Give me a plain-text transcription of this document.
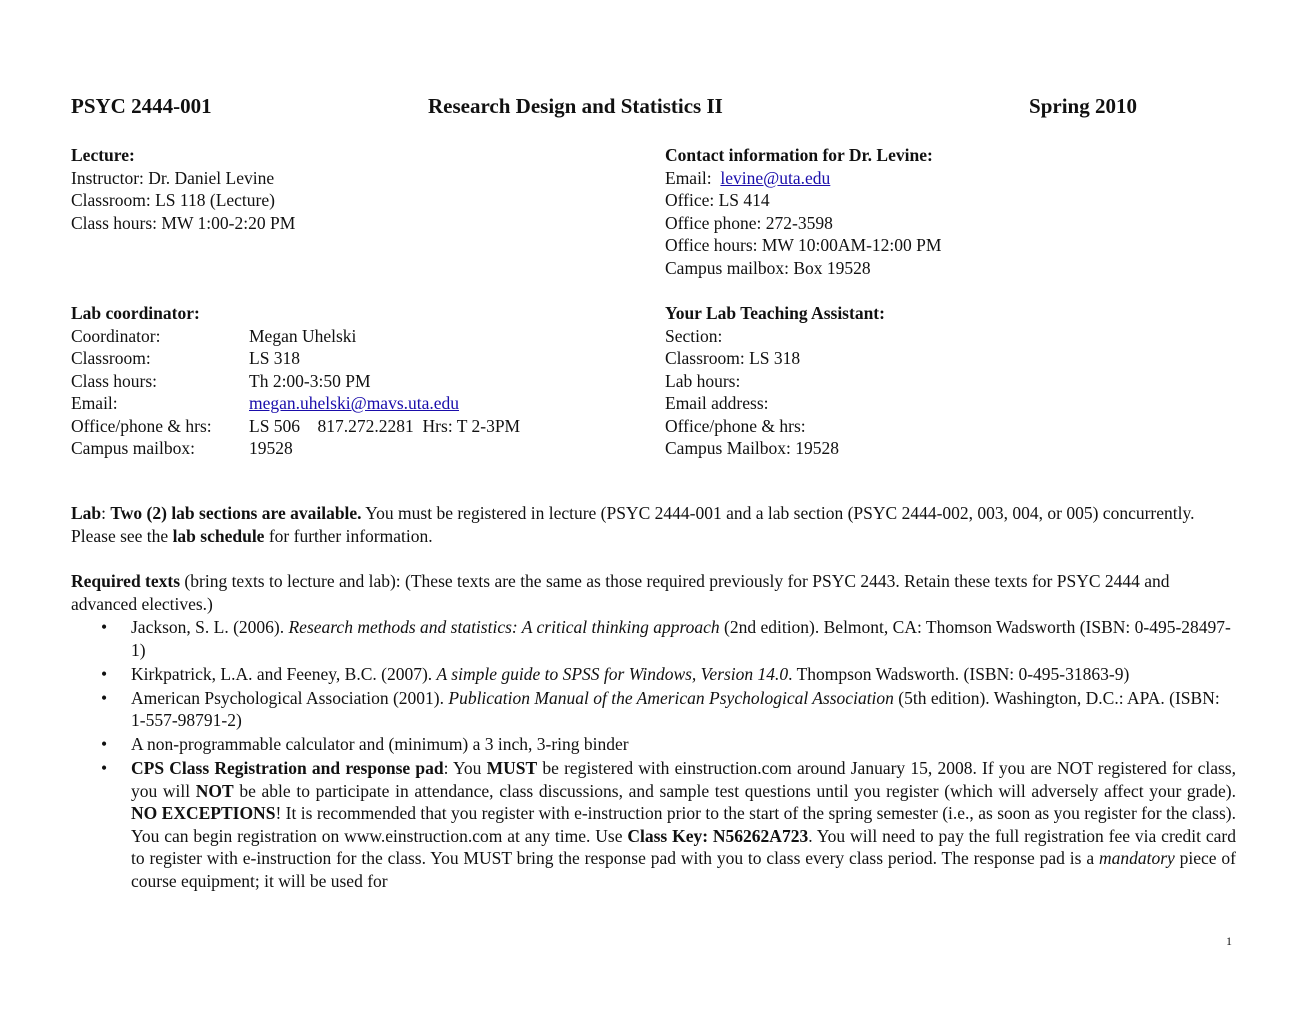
PSYC 2444-001	Research Design and Statistics II	Spring 2010
Lecture:
Instructor: Dr. Daniel Levine
Classroom: LS 118 (Lecture)
Class hours: MW 1:00-2:20 PM
Contact information for Dr. Levine:
Email: levine@uta.edu
Office: LS 414
Office phone: 272-3598
Office hours: MW 10:00AM-12:00 PM
Campus mailbox: Box 19528
Lab coordinator:
Coordinator:	Megan Uhelski
Classroom:	LS 318
Class hours:	Th 2:00-3:50 PM
Email:	megan.uhelski@mavs.uta.edu
Office/phone & hrs:	LS 506    817.272.2281  Hrs: T 2-3PM
Campus mailbox:	19528
Your Lab Teaching Assistant:
Section:
Classroom: LS 318
Lab hours:
Email address:
Office/phone & hrs:
Campus Mailbox: 19528
Lab: Two (2) lab sections are available. You must be registered in lecture (PSYC 2444-001 and a lab section (PSYC 2444-002, 003, 004, or 005) concurrently. Please see the lab schedule for further information.
Required texts (bring texts to lecture and lab): (These texts are the same as those required previously for PSYC 2443. Retain these texts for PSYC 2444 and advanced electives.)
• Jackson, S. L. (2006). Research methods and statistics: A critical thinking approach (2nd edition). Belmont, CA: Thomson Wadsworth (ISBN: 0-495-28497-1)
• Kirkpatrick, L.A. and Feeney, B.C. (2007). A simple guide to SPSS for Windows, Version 14.0. Thompson Wadsworth. (ISBN: 0-495-31863-9)
• American Psychological Association (2001). Publication Manual of the American Psychological Association (5th edition). Washington, D.C.: APA. (ISBN: 1-557-98791-2)
• A non-programmable calculator and (minimum) a 3 inch, 3-ring binder
• CPS Class Registration and response pad: You MUST be registered with einstruction.com around January 15, 2008. If you are NOT registered for class, you will NOT be able to participate in attendance, class discussions, and sample test questions until you register (which will adversely affect your grade). NO EXCEPTIONS! It is recommended that you register with e-instruction prior to the start of the spring semester (i.e., as soon as you register for the class). You can begin registration on www.einstruction.com at any time. Use Class Key: N56262A723. You will need to pay the full registration fee via credit card to register with e-instruction for the class. You MUST bring the response pad with you to class every class period. The response pad is a mandatory piece of course equipment; it will be used for
1
